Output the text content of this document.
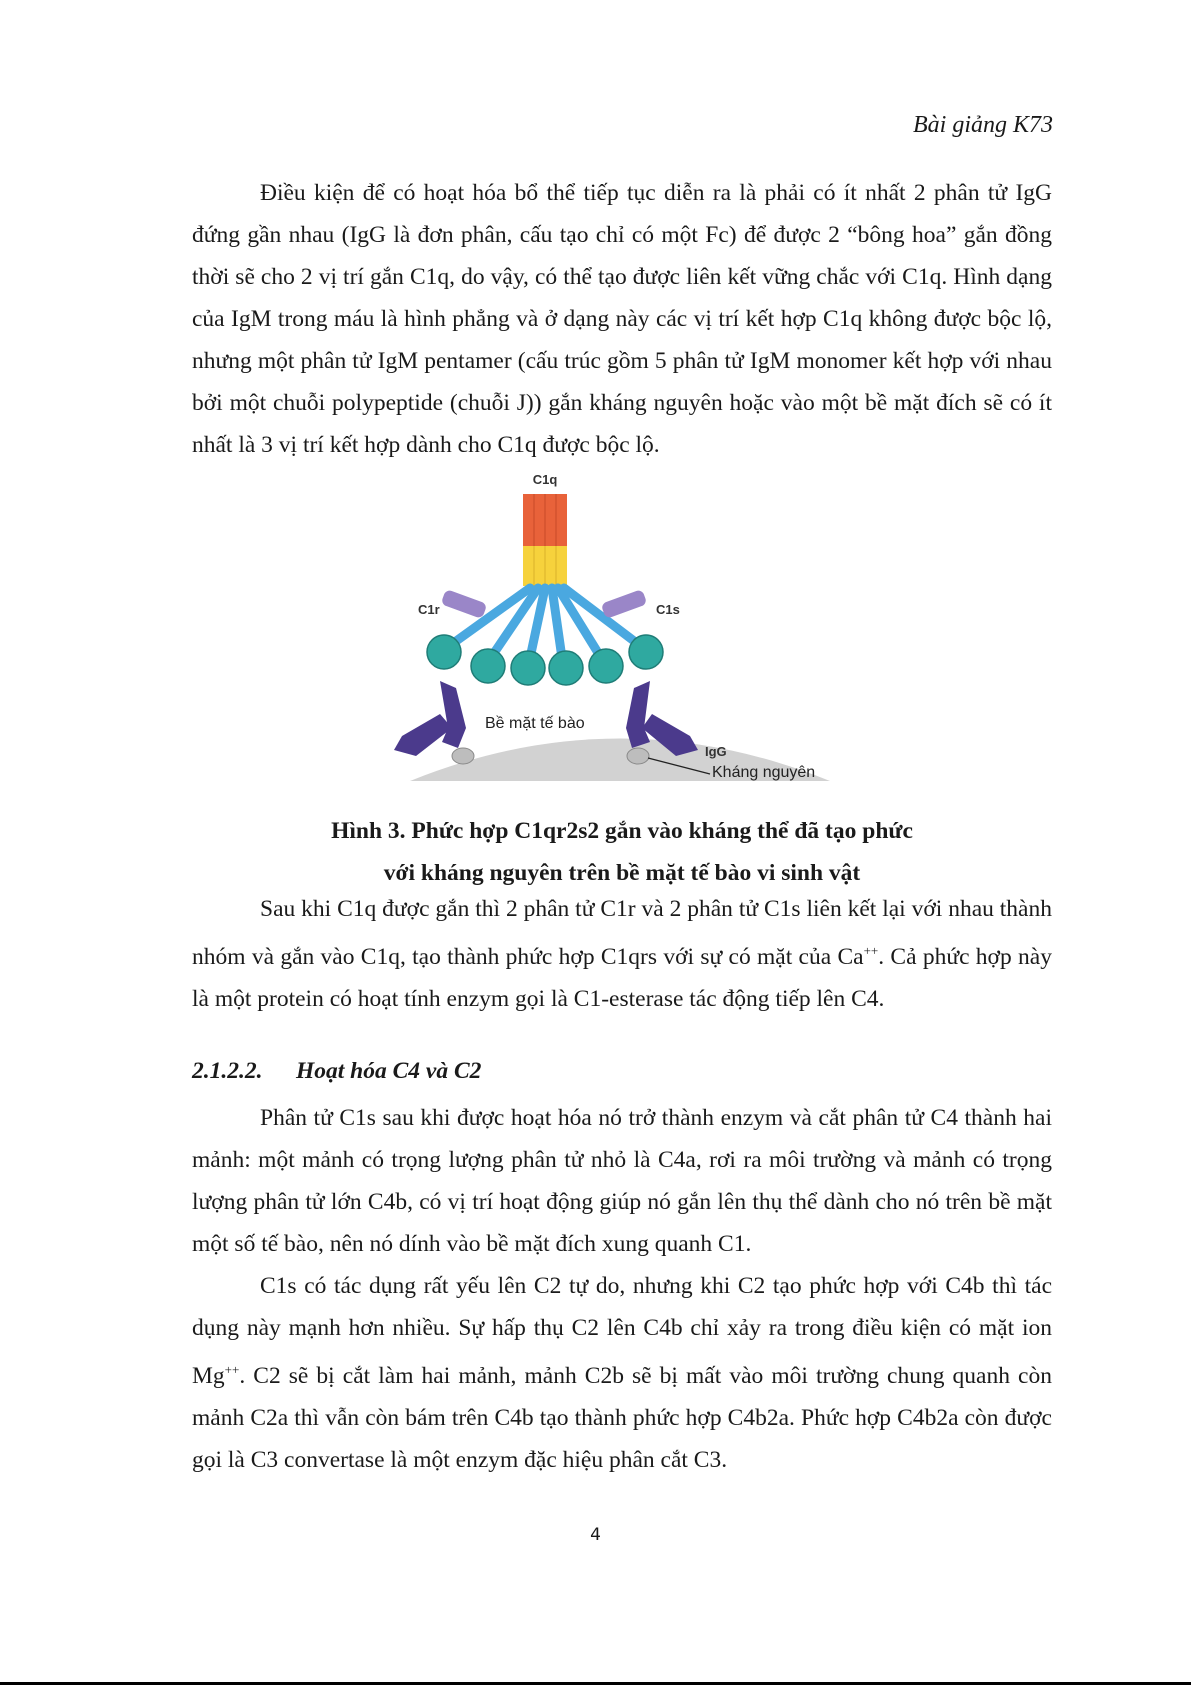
Bài giảng K73

Điều kiện để có hoạt hóa bổ thể tiếp tục diễn ra là phải có ít nhất 2 phân tử IgG đứng gần nhau (IgG là đơn phân, cấu tạo chỉ có một Fc) để được 2 “bông hoa” gắn đồng thời sẽ cho 2 vị trí gắn C1q, do vậy, có thể tạo được liên kết vững chắc với C1q. Hình dạng của IgM trong máu là hình phẳng và ở dạng này các vị trí kết hợp C1q không được bộc lộ, nhưng một phân tử IgM pentamer (cấu trúc gồm 5 phân tử IgM monomer kết hợp với nhau bởi một chuỗi polypeptide (chuỗi J)) gắn kháng nguyên hoặc vào một bề mặt đích sẽ có ít nhất là 3 vị trí kết hợp dành cho C1q được bộc lộ.

C1q
C1r	C1s
Bề mặt tế bào
IgG
Kháng nguyên
Hình 3. Phức hợp C1qr2s2 gắn vào kháng thể đã tạo phức
với kháng nguyên trên bề mặt tế bào vi sinh vật

Sau khi C1q được gắn thì 2 phân tử C1r và 2 phân tử C1s liên kết lại với nhau thành nhóm và gắn vào C1q, tạo thành phức hợp C1qrs với sự có mặt của Ca++. Cả phức hợp này là một protein có hoạt tính enzym gọi là C1-esterase tác động tiếp lên C4.

2.1.2.2. Hoạt hóa C4 và C2

Phân tử C1s sau khi được hoạt hóa nó trở thành enzym và cắt phân tử C4 thành hai mảnh: một mảnh có trọng lượng phân tử nhỏ là C4a, rơi ra môi trường và mảnh có trọng lượng phân tử lớn C4b, có vị trí hoạt động giúp nó gắn lên thụ thể dành cho nó trên bề mặt một số tế bào, nên nó dính vào bề mặt đích xung quanh C1.

C1s có tác dụng rất yếu lên C2 tự do, nhưng khi C2 tạo phức hợp với C4b thì tác dụng này mạnh hơn nhiều. Sự hấp thụ C2 lên C4b chỉ xảy ra trong điều kiện có mặt ion Mg++. C2 sẽ bị cắt làm hai mảnh, mảnh C2b sẽ bị mất vào môi trường chung quanh còn mảnh C2a thì vẫn còn bám trên C4b tạo thành phức hợp C4b2a. Phức hợp C4b2a còn được gọi là C3 convertase là một enzym đặc hiệu phân cắt C3.

4
